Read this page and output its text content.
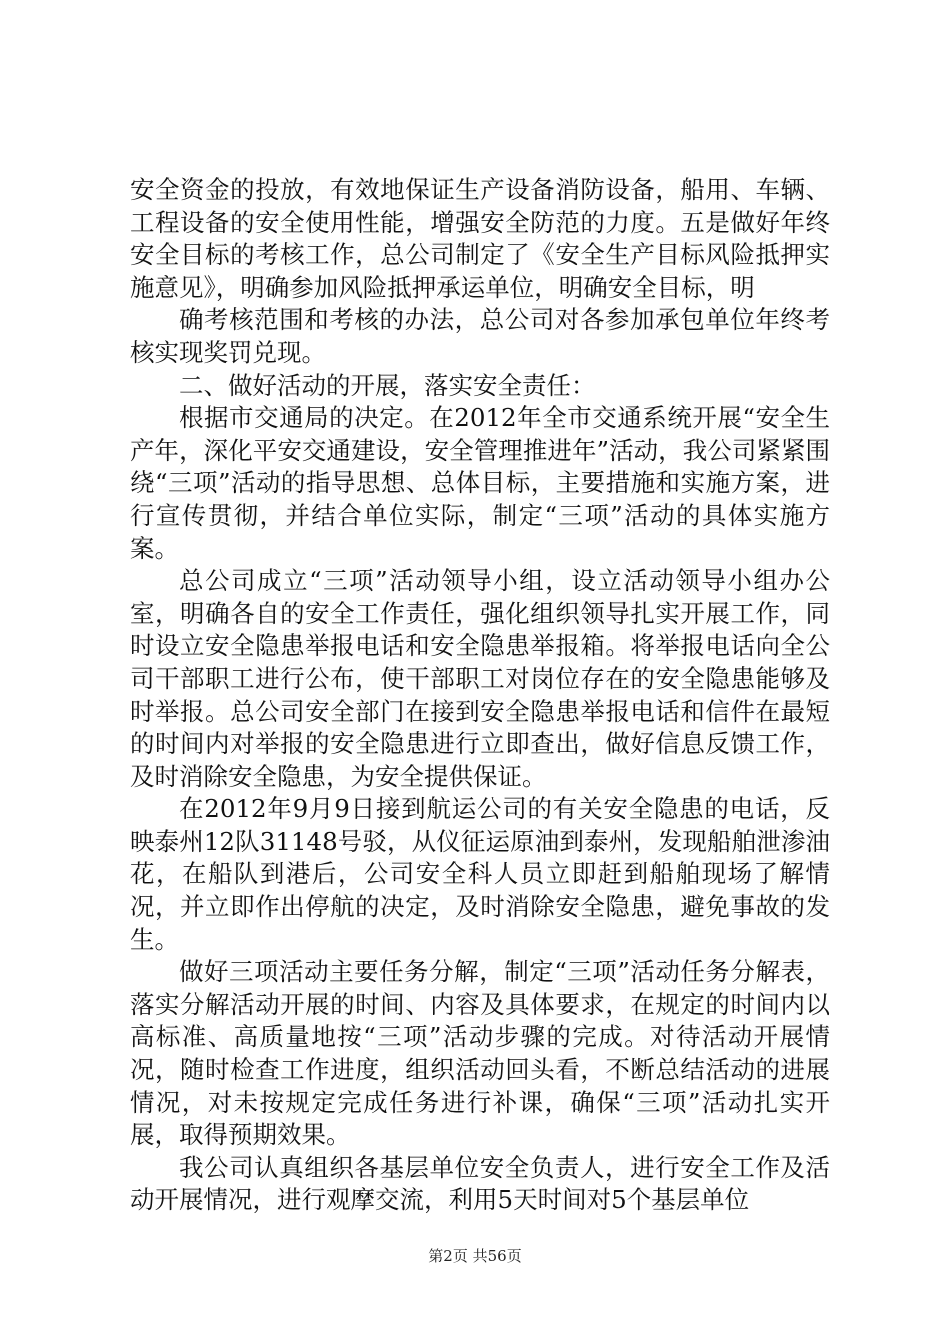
安全资金的投放，有效地保证生产设备消防设备，船用、车辆、工程设备的安全使用性能，增强安全防范的力度。五是做好年终安全目标的考核工作，总公司制定了《安全生产目标风险抵押实施意见》，明确参加风险抵押承运单位，明确安全目标，明

确考核范围和考核的办法，总公司对各参加承包单位年终考核实现奖罚兑现。

二、做好活动的开展，落实安全责任：

根据市交通局的决定。在2012年全市交通系统开展“安全生产年，深化平安交通建设，安全管理推进年”活动，我公司紧紧围绕“三项”活动的指导思想、总体目标，主要措施和实施方案，进行宣传贯彻，并结合单位实际，制定“三项”活动的具体实施方案。

总公司成立“三项”活动领导小组，设立活动领导小组办公室，明确各自的安全工作责任，强化组织领导扎实开展工作，同时设立安全隐患举报电话和安全隐患举报箱。将举报电话向全公司干部职工进行公布，使干部职工对岗位存在的安全隐患能够及时举报。总公司安全部门在接到安全隐患举报电话和信件在最短的时间内对举报的安全隐患进行立即查出，做好信息反馈工作，及时消除安全隐患，为安全提供保证。

在2012年9月9日接到航运公司的有关安全隐患的电话，反映泰州12队31148号驳，从仪征运原油到泰州，发现船舶泄渗油花，在船队到港后，公司安全科人员立即赶到船舶现场了解情况，并立即作出停航的决定，及时消除安全隐患，避免事故的发生。

做好三项活动主要任务分解，制定“三项”活动任务分解表，落实分解活动开展的时间、内容及具体要求，在规定的时间内以高标准、高质量地按“三项”活动步骤的完成。对待活动开展情况，随时检查工作进度，组织活动回头看，不断总结活动的进展情况，对未按规定完成任务进行补课，确保“三项”活动扎实开展，取得预期效果。

我公司认真组织各基层单位安全负责人，进行安全工作及活动开展情况，进行观摩交流，利用5天时间对5个基层单位

第2页 共56页
